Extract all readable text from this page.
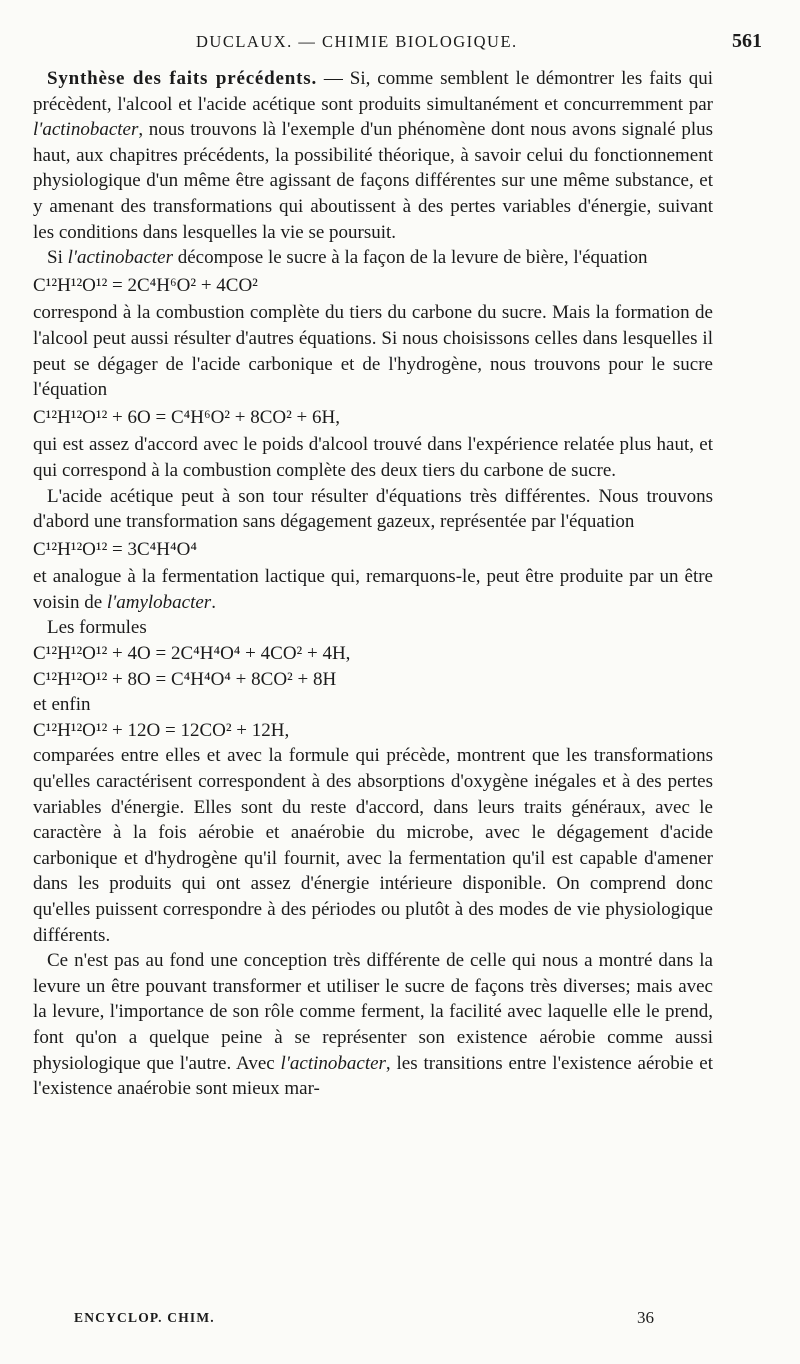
DUCLAUX. — CHIMIE BIOLOGIQUE.	561

Synthèse des faits précédents. — Si, comme semblent le démontrer les faits qui précèdent, l'alcool et l'acide acétique sont produits simultanément et concurremment par l'actinobacter, nous trouvons là l'exemple d'un phénomène dont nous avons signalé plus haut, aux chapitres précédents, la possibilité théorique, à savoir celui du fonctionnement physiologique d'un même être agissant de façons différentes sur une même substance, et y amenant des transformations qui aboutissent à des pertes variables d'énergie, suivant les conditions dans lesquelles la vie se poursuit.

Si l'actinobacter décompose le sucre à la façon de la levure de bière, l'équation

C¹²H¹²O¹² = 2C⁴H⁶O² + 4CO²

correspond à la combustion complète du tiers du carbone du sucre. Mais la formation de l'alcool peut aussi résulter d'autres équations. Si nous choisissons celles dans lesquelles il peut se dégager de l'acide carbonique et de l'hydrogène, nous trouvons pour le sucre l'équation

C¹²H¹²O¹² + 6O = C⁴H⁶O² + 8CO² + 6H,

qui est assez d'accord avec le poids d'alcool trouvé dans l'expérience relatée plus haut, et qui correspond à la combustion complète des deux tiers du carbone de sucre.

L'acide acétique peut à son tour résulter d'équations très différentes. Nous trouvons d'abord une transformation sans dégagement gazeux, représentée par l'équation

C¹²H¹²O¹² = 3C⁴H⁴O⁴

et analogue à la fermentation lactique qui, remarquons-le, peut être produite par un être voisin de l'amylobacter.

Les formules

C¹²H¹²O¹² + 4O = 2C⁴H⁴O⁴ + 4CO² + 4H,

C¹²H¹²O¹² + 8O = C⁴H⁴O⁴ + 8CO² + 8H

et enfin

C¹²H¹²O¹² + 12O = 12CO² + 12H,

comparées entre elles et avec la formule qui précède, montrent que les transformations qu'elles caractérisent correspondent à des absorptions d'oxygène inégales et à des pertes variables d'énergie. Elles sont du reste d'accord, dans leurs traits généraux, avec le caractère à la fois aérobie et anaérobie du microbe, avec le dégagement d'acide carbonique et d'hydrogène qu'il fournit, avec la fermentation qu'il est capable d'amener dans les produits qui ont assez d'énergie intérieure disponible. On comprend donc qu'elles puissent correspondre à des périodes ou plutôt à des modes de vie physiologique différents.

Ce n'est pas au fond une conception très différente de celle qui nous a montré dans la levure un être pouvant transformer et utiliser le sucre de façons très diverses; mais avec la levure, l'importance de son rôle comme ferment, la facilité avec laquelle elle le prend, font qu'on a quelque peine à se représenter son existence aérobie comme aussi physiologique que l'autre. Avec l'actinobacter, les transitions entre l'existence aérobie et l'existence anaérobie sont mieux mar-

ENCYCLOP. CHIM.	36
